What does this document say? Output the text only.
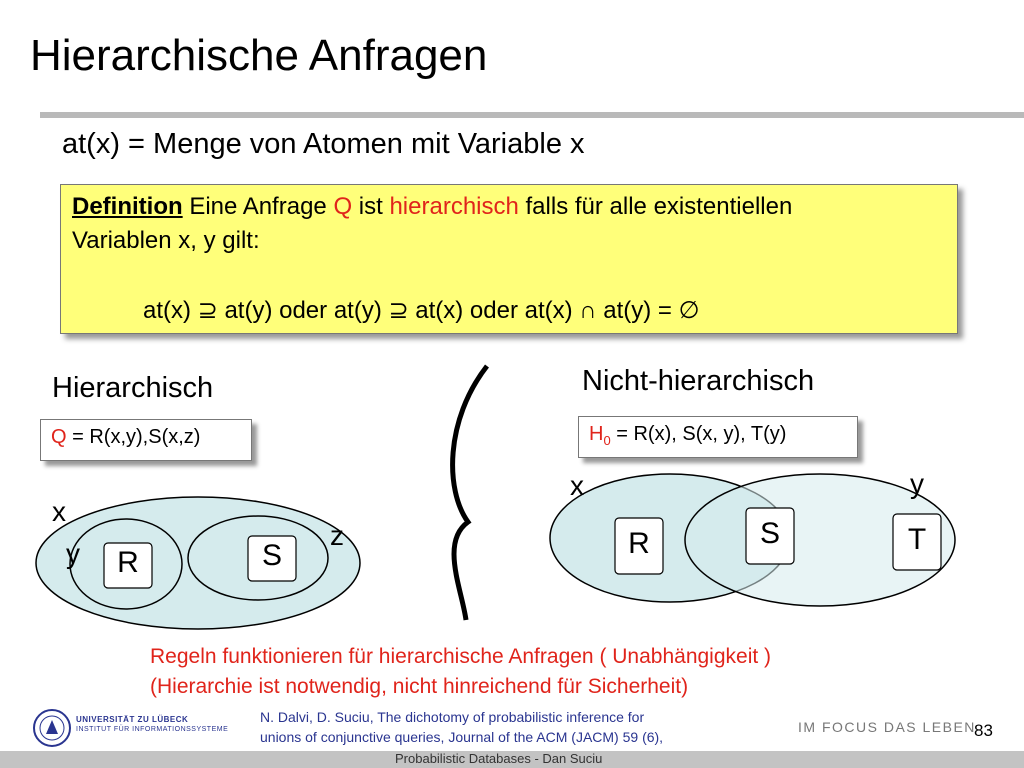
Hierarchische Anfragen
at(x) = Menge von Atomen mit Variable x
Definition Eine Anfrage Q ist hierarchisch falls für alle existentiellen
Variablen x, y gilt:
at(x) ⊇ at(y) oder at(y) ⊇ at(x) oder at(x) ∩ at(y) = ∅
Hierarchisch
Q = R(x,y),S(x,z)
x
y
z
R	S
Nicht-hierarchisch
$H_0 = R(x)$, S(x, y), T(y)
x	y
R	S	T
Regeln funktionieren für hierarchische Anfragen ( Unabhängigkeit )
(Hierarchie ist notwendig, nicht hinreichend für Sicherheit)
N. Dalvi, D. Suciu, The dichotomy of probabilistic inference for
unions of conjunctive queries, Journal of the ACM (JACM) 59 (6),
UNIVERSITÄT ZU LÜBECK
INSTITUT FÜR INFORMATIONSSYSTEME	IM FOCUS DAS LEBEN
83
Probabilistic Databases - Dan Suciu
